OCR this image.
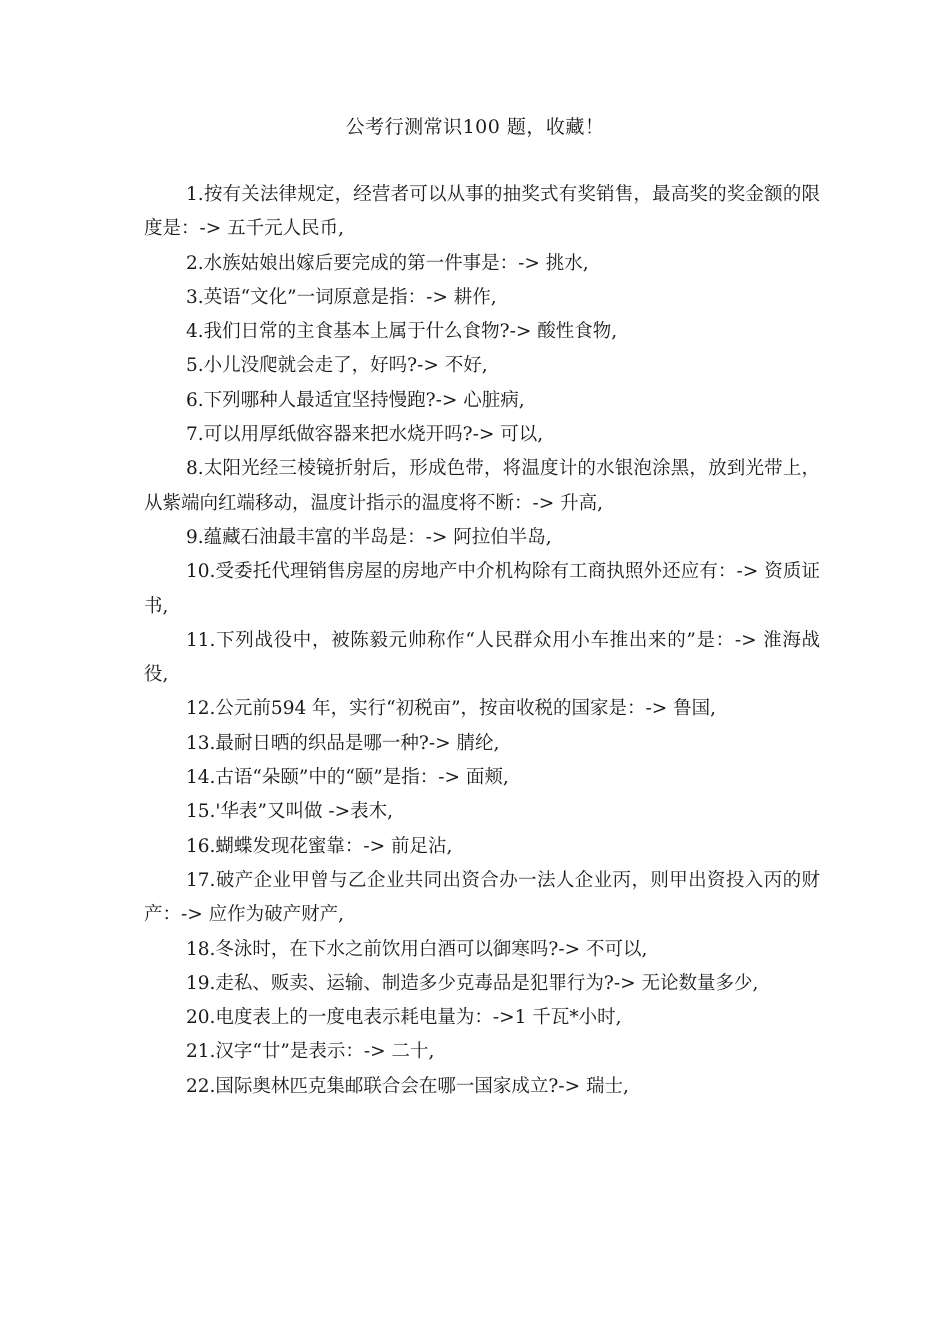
公考行测常识100 题，收藏！

1.按有关法律规定，经营者可以从事的抽奖式有奖销售，最高奖的奖金额的限度是：-> 五千元人民币,

2.水族姑娘出嫁后要完成的第一件事是：-> 挑水,

3.英语“文化”一词原意是指：-> 耕作,

4.我们日常的主食基本上属于什么食物?-> 酸性食物,

5.小儿没爬就会走了，好吗?-> 不好,

6.下列哪种人最适宜坚持慢跑?-> 心脏病,

7.可以用厚纸做容器来把水烧开吗?-> 可以,

8.太阳光经三棱镜折射后，形成色带，将温度计的水银泡涂黑，放到光带上，从紫端向红端移动，温度计指示的温度将不断：-> 升高,

9.蕴藏石油最丰富的半岛是：-> 阿拉伯半岛,

10.受委托代理销售房屋的房地产中介机构除有工商执照外还应有：-> 资质证书,

11.下列战役中，被陈毅元帅称作“人民群众用小车推出来的”是：-> 淮海战役,

12.公元前594 年，实行“初税亩”，按亩收税的国家是：-> 鲁国,

13.最耐日晒的织品是哪一种?-> 腈纶,

14.古语“朵颐”中的“颐”是指：-> 面颊,

15.'华表”又叫做 ->表木,

16.蝴蝶发现花蜜靠：-> 前足沾,

17.破产企业甲曾与乙企业共同出资合办一法人企业丙，则甲出资投入丙的财产：-> 应作为破产财产,

18.冬泳时，在下水之前饮用白酒可以御寒吗?-> 不可以,

19.走私、贩卖、运输、制造多少克毒品是犯罪行为?-> 无论数量多少,

20.电度表上的一度电表示耗电量为：->1 千瓦*小时,

21.汉字“廿”是表示：-> 二十,

22.国际奥林匹克集邮联合会在哪一国家成立?-> 瑞士,
